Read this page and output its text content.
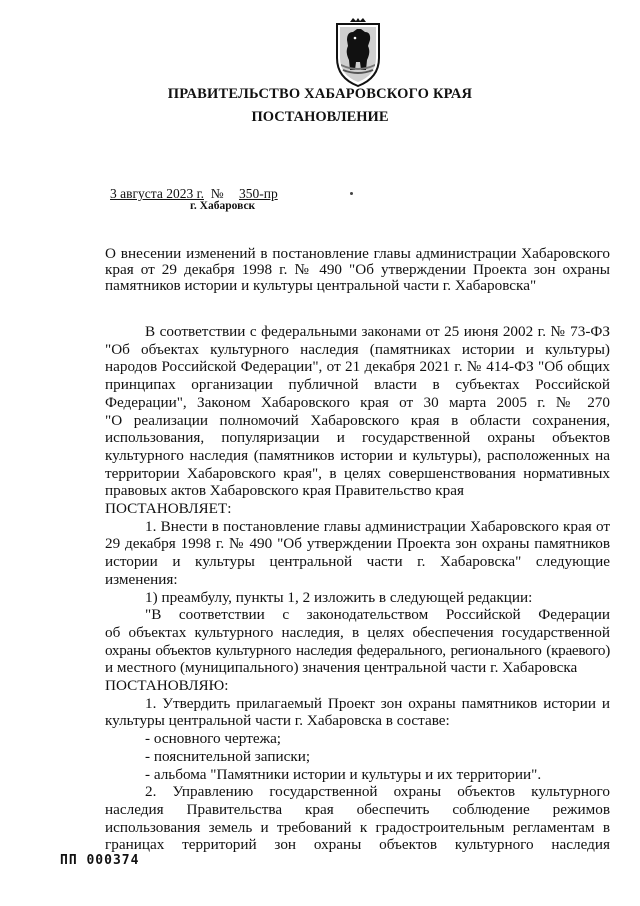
ПРАВИТЕЛЬСТВО ХАБАРОВСКОГО КРАЯ
ПОСТАНОВЛЕНИЕ
3 августа 2023 г. № 350-пр
г. Хабаровск
О внесении изменений в постановление главы администрации Хабаровского
края от 29 декабря 1998 г. № 490 "Об утверждении Проекта зон охраны
памятников истории и культуры центральной части г. Хабаровска"
В соответствии с федеральными законами от 25 июня 2002 г. № 73-ФЗ
"Об объектах культурного наследия (памятниках истории и культуры)
народов Российской Федерации", от 21 декабря 2021 г. № 414-ФЗ "Об общих
принципах организации публичной власти в субъектах Российской
Федерации", Законом Хабаровского края от 30 марта 2005 г. № 270
"О реализации полномочий Хабаровского края в области сохранения,
использования, популяризации и государственной охраны объектов
культурного наследия (памятников истории и культуры), расположенных на
территории Хабаровского края", в целях совершенствования нормативных
правовых актов Хабаровского края Правительство края
ПОСТАНОВЛЯЕТ:
1. Внести в постановление главы администрации Хабаровского края от
29 декабря 1998 г. № 490 "Об утверждении Проекта зон охраны памятников
истории и культуры центральной части г. Хабаровска" следующие
изменения:
1) преамбулу, пункты 1, 2 изложить в следующей редакции:
"В соответствии с законодательством Российской Федерации
об объектах культурного наследия, в целях обеспечения государственной
охраны объектов культурного наследия федерального, регионального (краевого)
и местного (муниципального) значения центральной части г. Хабаровска
ПОСТАНОВЛЯЮ:
1. Утвердить прилагаемый Проект зон охраны памятников истории и
культуры центральной части г. Хабаровска в составе:
- основного чертежа;
- пояснительной записки;
- альбома "Памятники истории и культуры и их территории".
2. Управлению государственной охраны объектов культурного
наследия Правительства края обеспечить соблюдение режимов
использования земель и требований к градостроительным регламентам в
границах территорий зон охраны объектов культурного наследия
ПП 000374
